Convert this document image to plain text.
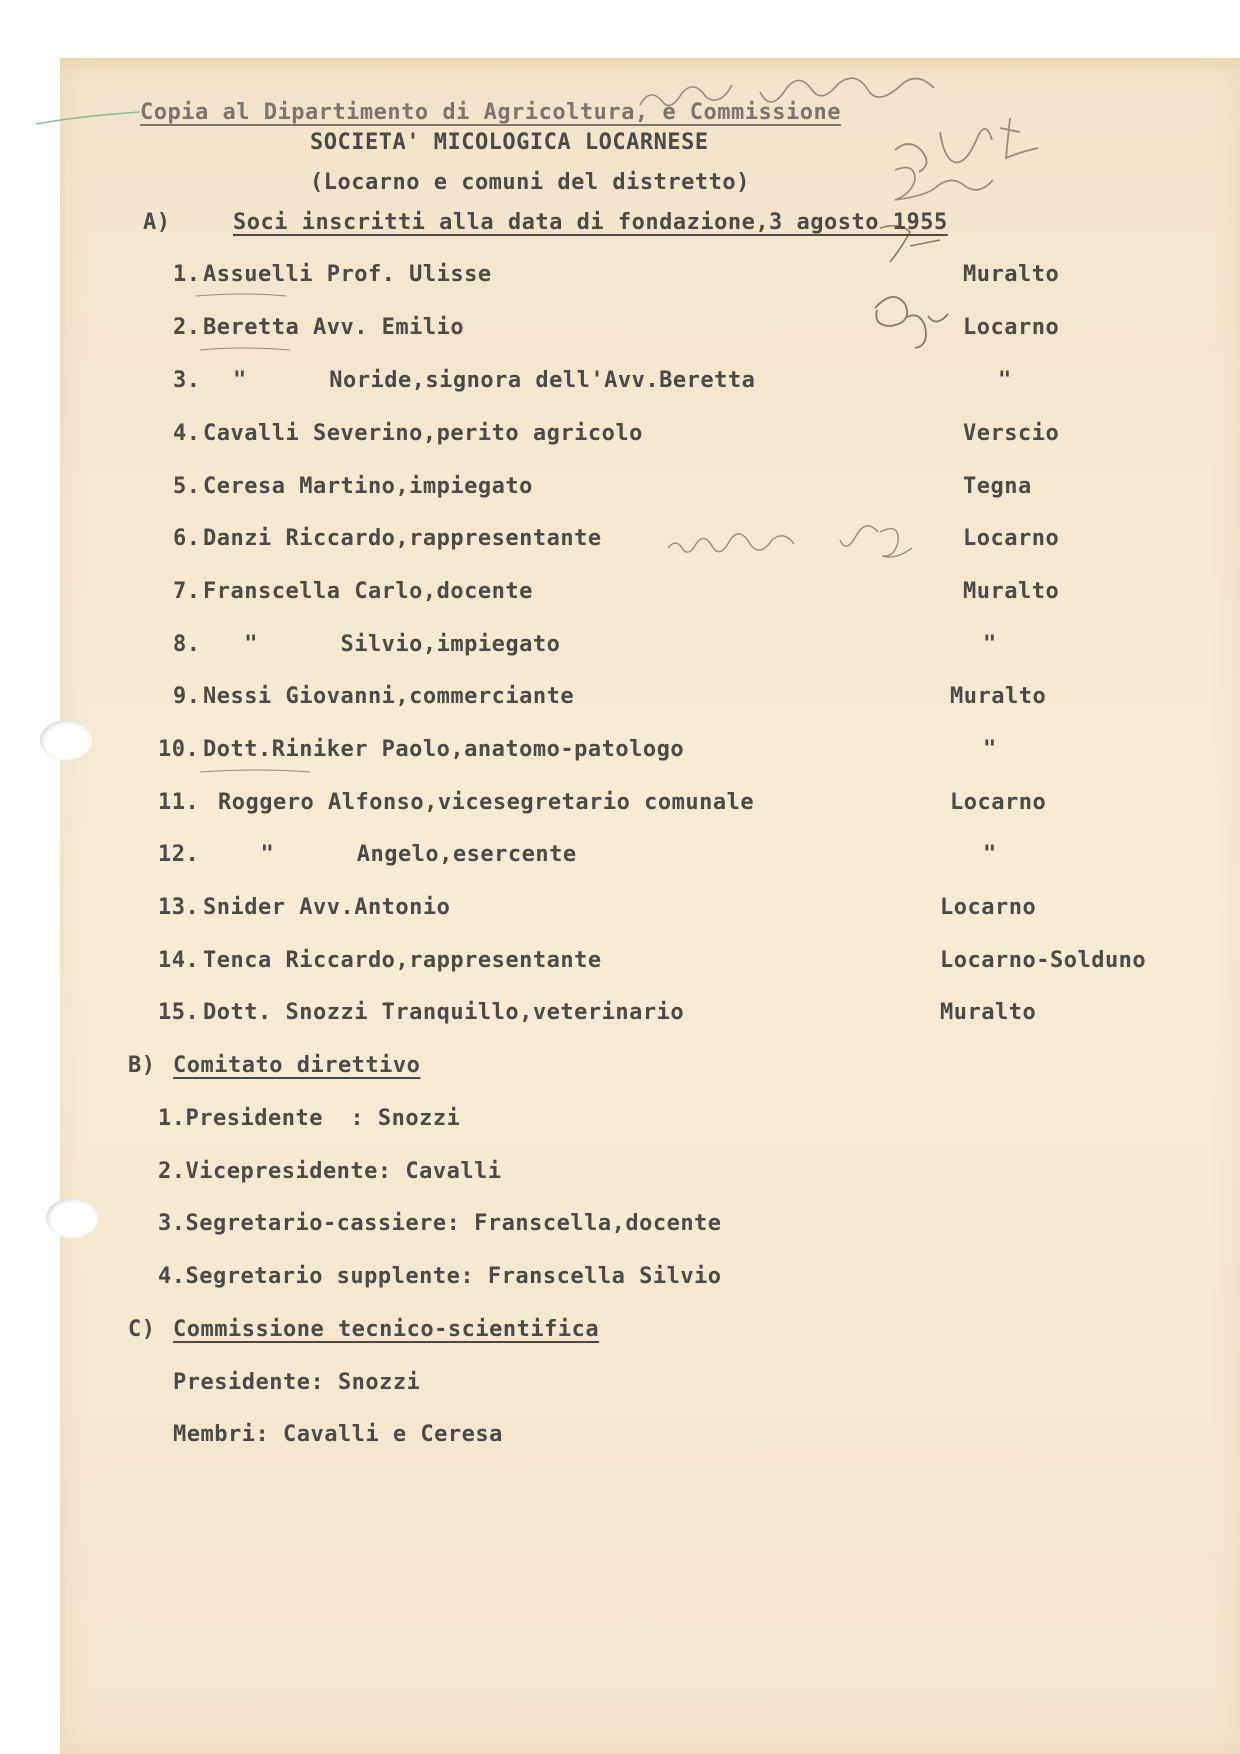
Copia al Dipartimento di Agricoltura, e Commissione

SOCIETA' MICOLOGICA LOCARNESE

(Locarno e comuni del distretto)

A)	Soci inscritti alla data di fondazione,3 agosto 1955

1. Assuelli Prof. Ulisse	Muralto

2. Beretta Avv. Emilio	Locarno

3. "      Noride,signora dell'Avv.Beretta	"

4. Cavalli Severino,perito agricolo	Verscio

5. Ceresa Martino,impiegato	Tegna

6. Danzi Riccardo,rappresentante	Locarno

7. Franscella Carlo,docente	Muralto

8. "      Silvio,impiegato	"

9. Nessi Giovanni,commerciante	Muralto

10. Dott.Riniker Paolo,anatomo-patologo	"

11. Roggero Alfonso,vicesegretario comunale	Locarno

12. "      Angelo,esercente	"

13. Snider Avv.Antonio	Locarno

14. Tenca Riccardo,rappresentante	Locarno-Solduno

15. Dott. Snozzi Tranquillo,veterinario	Muralto

B) Comitato direttivo

1.Presidente  : Snozzi

2.Vicepresidente: Cavalli

3.Segretario-cassiere: Franscella,docente

4.Segretario supplente: Franscella Silvio

C) Commissione tecnico-scientifica

Presidente: Snozzi

Membri: Cavalli e Ceresa
